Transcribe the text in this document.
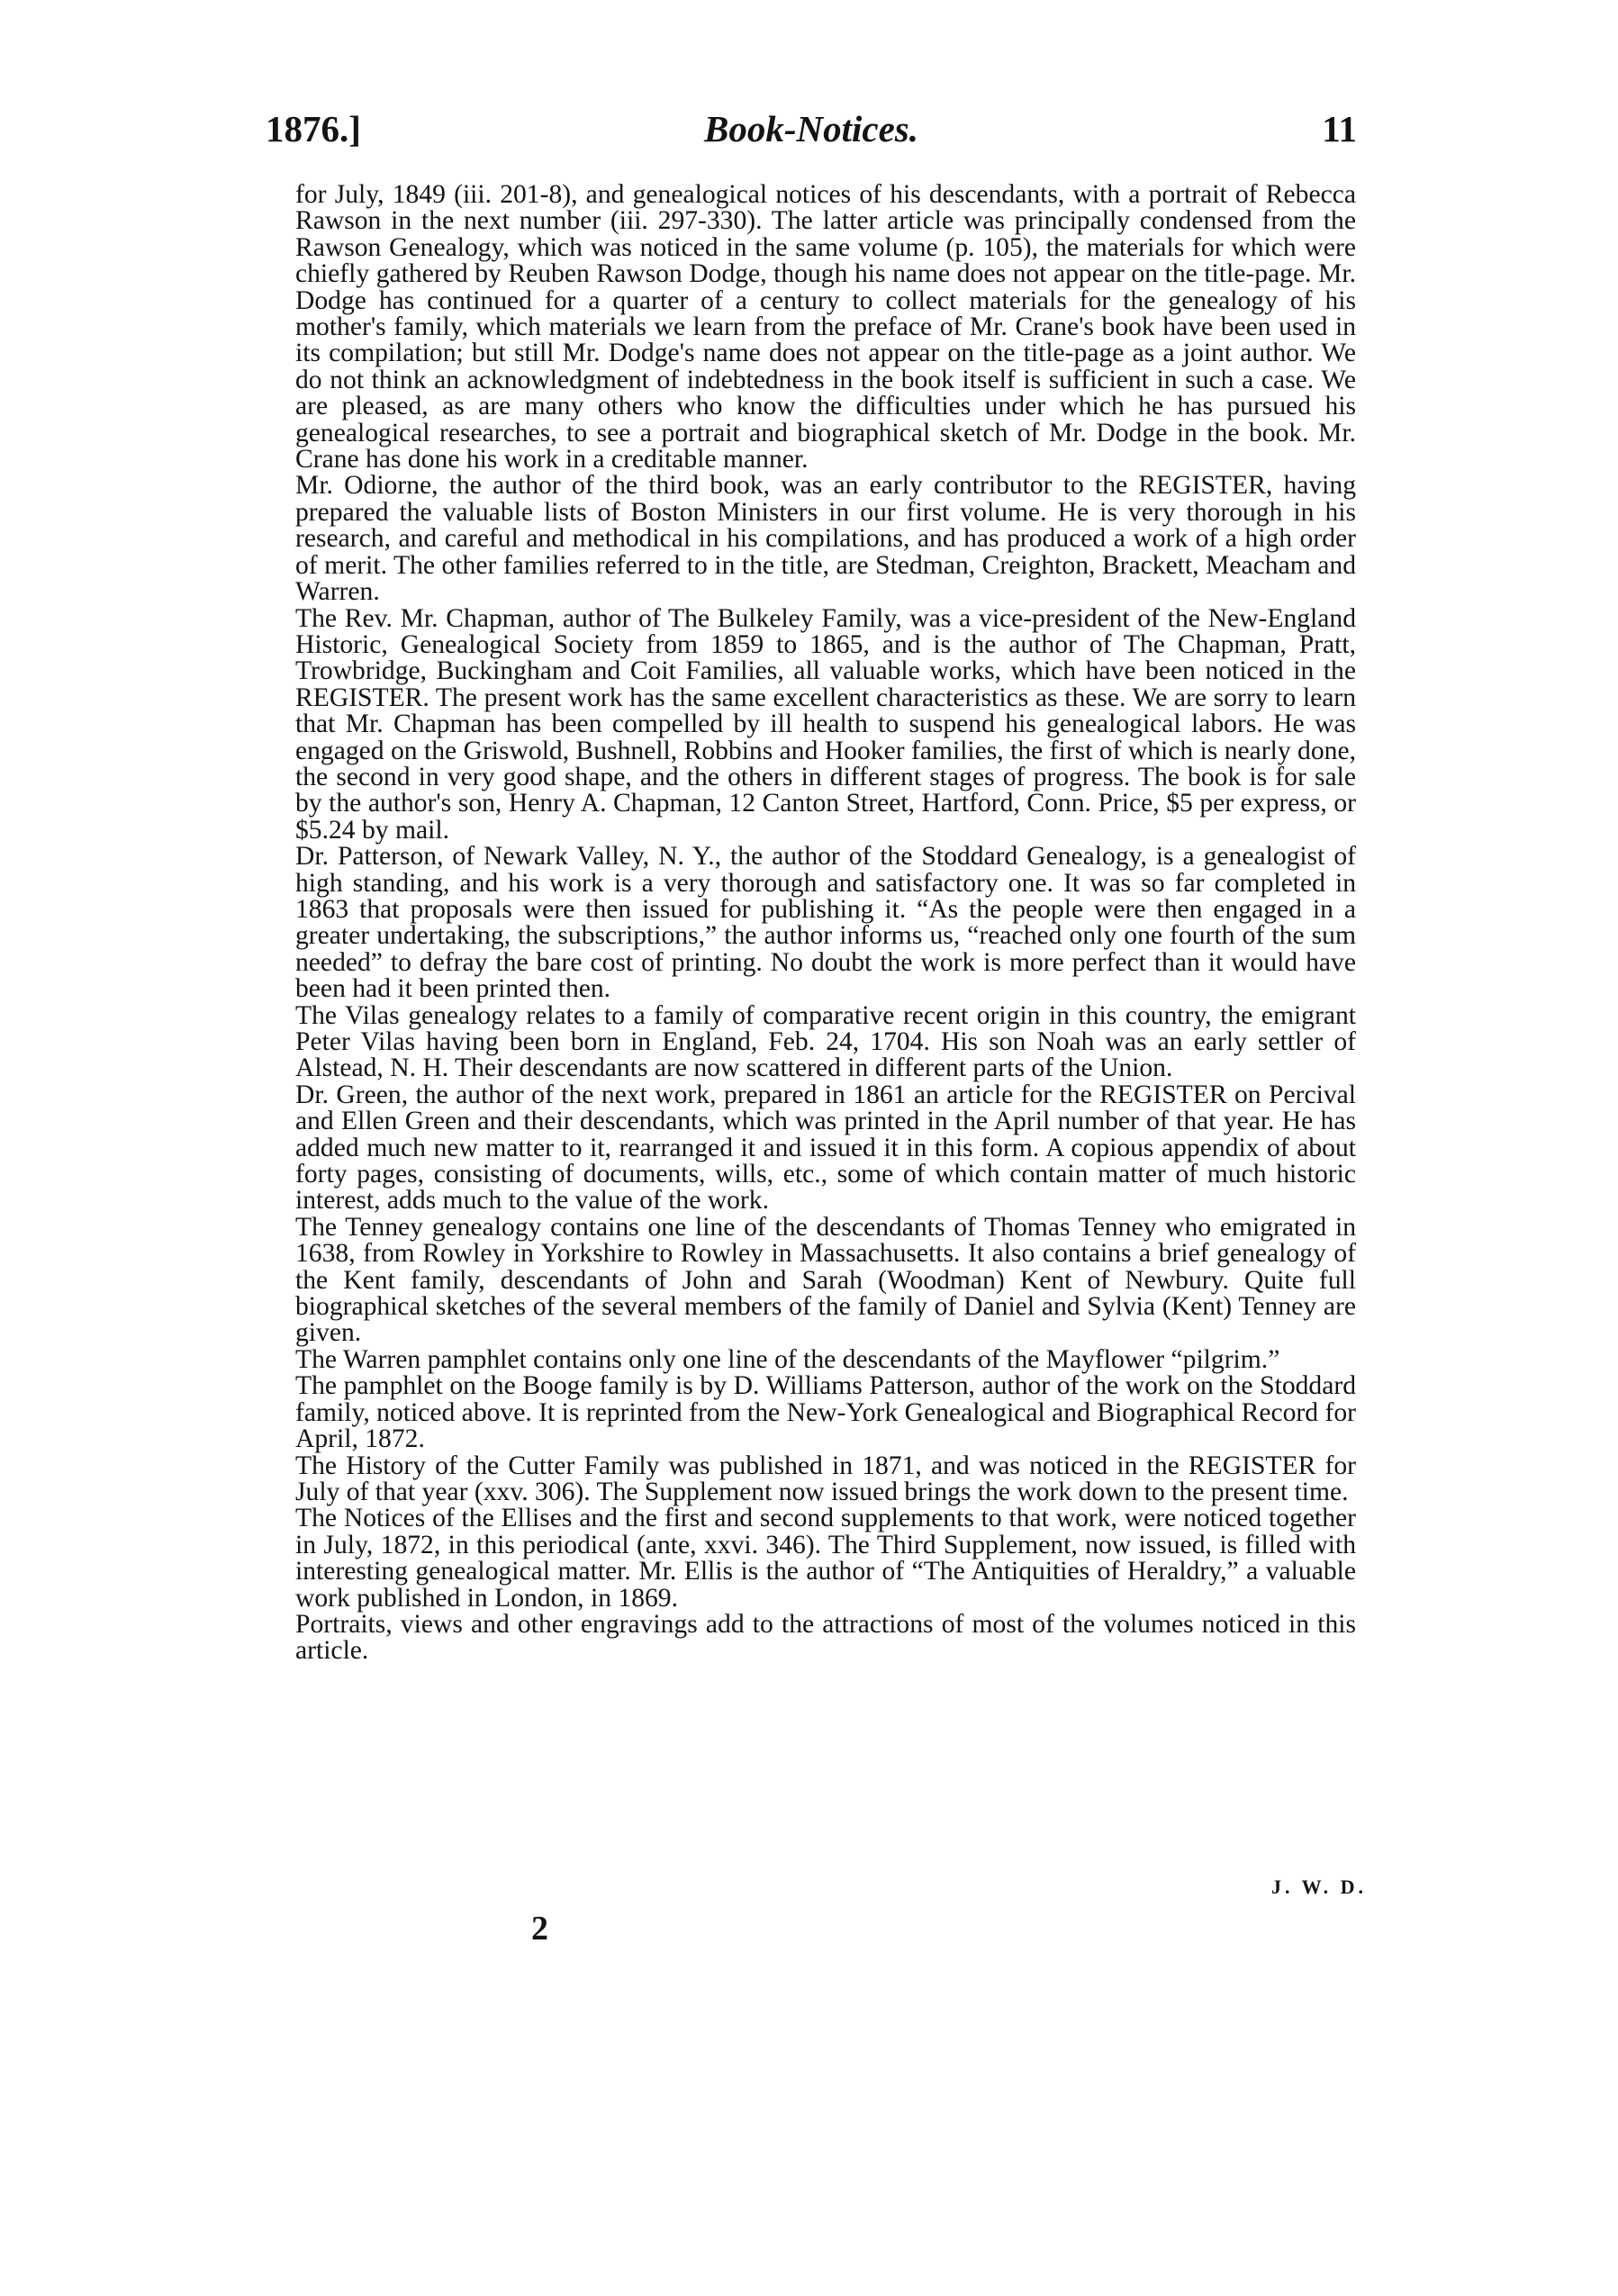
1876.]	Book-Notices.	11

for July, 1849 (iii. 201-8), and genealogical notices of his descendants, with a portrait of Rebecca Rawson in the next number (iii. 297-330). The latter article was principally condensed from the Rawson Genealogy, which was noticed in the same volume (p. 105), the materials for which were chiefly gathered by Reuben Rawson Dodge, though his name does not appear on the title-page. Mr. Dodge has continued for a quarter of a century to collect materials for the genealogy of his mother's family, which materials we learn from the preface of Mr. Crane's book have been used in its compilation; but still Mr. Dodge's name does not appear on the title-page as a joint author. We do not think an acknowledgment of indebtedness in the book itself is sufficient in such a case. We are pleased, as are many others who know the difficulties under which he has pursued his genealogical researches, to see a portrait and biographical sketch of Mr. Dodge in the book. Mr. Crane has done his work in a creditable manner.

Mr. Odiorne, the author of the third book, was an early contributor to the REGISTER, having prepared the valuable lists of Boston Ministers in our first volume. He is very thorough in his research, and careful and methodical in his compilations, and has produced a work of a high order of merit. The other families referred to in the title, are Stedman, Creighton, Brackett, Meacham and Warren.

The Rev. Mr. Chapman, author of The Bulkeley Family, was a vice-president of the New-England Historic, Genealogical Society from 1859 to 1865, and is the author of The Chapman, Pratt, Trowbridge, Buckingham and Coit Families, all valuable works, which have been noticed in the REGISTER. The present work has the same excellent characteristics as these. We are sorry to learn that Mr. Chapman has been compelled by ill health to suspend his genealogical labors. He was engaged on the Griswold, Bushnell, Robbins and Hooker families, the first of which is nearly done, the second in very good shape, and the others in different stages of progress. The book is for sale by the author's son, Henry A. Chapman, 12 Canton Street, Hartford, Conn. Price, $5 per express, or $5.24 by mail.

Dr. Patterson, of Newark Valley, N. Y., the author of the Stoddard Genealogy, is a genealogist of high standing, and his work is a very thorough and satisfactory one. It was so far completed in 1863 that proposals were then issued for publishing it. “As the people were then engaged in a greater undertaking, the subscriptions,” the author informs us, “reached only one fourth of the sum needed” to defray the bare cost of printing. No doubt the work is more perfect than it would have been had it been printed then.

The Vilas genealogy relates to a family of comparative recent origin in this country, the emigrant Peter Vilas having been born in England, Feb. 24, 1704. His son Noah was an early settler of Alstead, N. H. Their descendants are now scattered in different parts of the Union.

Dr. Green, the author of the next work, prepared in 1861 an article for the REGISTER on Percival and Ellen Green and their descendants, which was printed in the April number of that year. He has added much new matter to it, rearranged it and issued it in this form. A copious appendix of about forty pages, consisting of documents, wills, etc., some of which contain matter of much historic interest, adds much to the value of the work.

The Tenney genealogy contains one line of the descendants of Thomas Tenney who emigrated in 1638, from Rowley in Yorkshire to Rowley in Massachusetts. It also contains a brief genealogy of the Kent family, descendants of John and Sarah (Woodman) Kent of Newbury. Quite full biographical sketches of the several members of the family of Daniel and Sylvia (Kent) Tenney are given.

The Warren pamphlet contains only one line of the descendants of the Mayflower “pilgrim.”

The pamphlet on the Booge family is by D. Williams Patterson, author of the work on the Stoddard family, noticed above. It is reprinted from the New-York Genealogical and Biographical Record for April, 1872.

The History of the Cutter Family was published in 1871, and was noticed in the REGISTER for July of that year (xxv. 306). The Supplement now issued brings the work down to the present time.

The Notices of the Ellises and the first and second supplements to that work, were noticed together in July, 1872, in this periodical (ante, xxvi. 346). The Third Supplement, now issued, is filled with interesting genealogical matter. Mr. Ellis is the author of “The Antiquities of Heraldry,” a valuable work published in London, in 1869.

Portraits, views and other engravings add to the attractions of most of the volumes noticed in this article.

J. W. D.
2
